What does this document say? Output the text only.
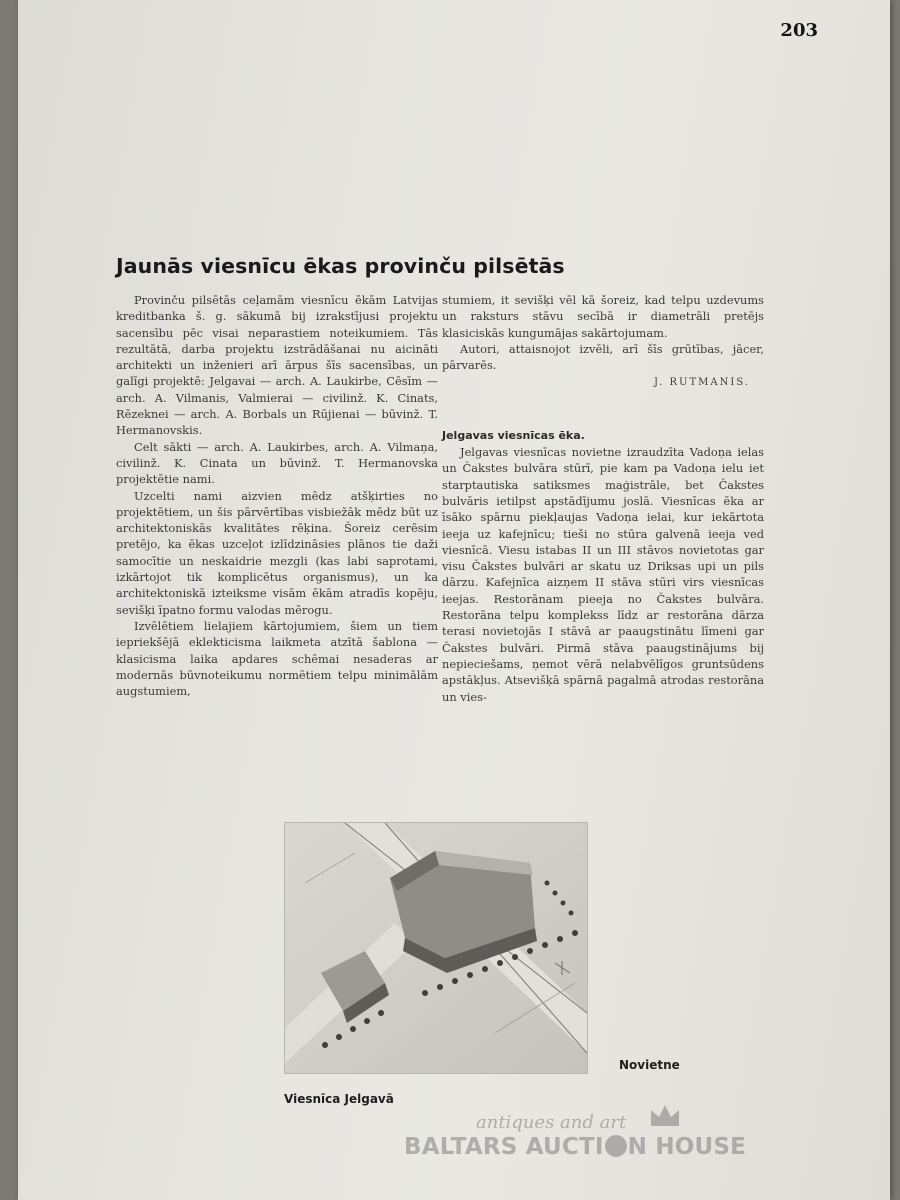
203
Jaunās viesnīcu ēkas provinču pilsētās

Provinču pilsētās ceļamām viesnīcu ēkām Latvijas kreditbanka š. g. sākumā bij izrakstījusi projektu sacensību pēc visai neparastiem noteikumiem. Tās rezultātā, darba projektu izstrādāšanai nu aicināti architekti un inženieri arī ārpus šīs sacensības, un galīgi projektē: Jelgavai — arch. A. Laukirbe, Cēsīm — arch. A. Vilmanis, Valmierai — civilinž. K. Cinats, Rēzeknei — arch. A. Borbals un Rūjienai — būvinž. T. Hermanovskis.

Celt sākti — arch. A. Laukirbes, arch. A. Vilmaņa, civilinž. K. Cinata un būvinž. T. Hermanovska projektētie nami.

Uzcelti nami aizvien mēdz atšķirties no projektētiem, un šis pārvērtības visbiežāk mēdz būt uz architektoniskās kvalitātes rēķina. Šoreiz cerēsim pretējo, ka ēkas uzceļot izlīdzināsies plānos tie daži samocītie un neskaidrie mezgli (kas labi saprotami, izkārtojot tik komplicētus organismus), un ka architektoniskā izteiksme visām ēkām atradīs kopēju, sevišķi īpatno formu valodas mērogu.

Izvēlētiem lielajiem kārtojumiem, šiem un tiem iepriekšējā eklekticisma laikmeta atzītā šablona — klasicisma laika apdares schēmai nesaderas ar modernās būvnoteikumu normētiem telpu minimālām augstumiem,

stumiem, it sevišķi vēl kā šoreiz, kad telpu uzdevums un raksturs stāvu secībā ir diametrāli pretējs klasiciskās kungumājas sakārtojumam.

Autori, attaisnojot izvēli, arī šīs grūtības, jācer, pārvarēs.

J. RUTMANIS.

Jelgavas viesnīcas ēka.

Jelgavas viesnīcas novietne izraudzīta Vadoņa ielas un Čakstes bulvāra stūrī, pie kam pa Vadoņa ielu iet starptautiska satiksmes maģistrāle, bet Čakstes bulvāris ietilpst apstādījumu joslā. Viesnīcas ēka ar īsāko spārnu piekļaujas Vadoņa ielai, kur iekārtota ieeja uz kafejnīcu; tieši no stūra galvenā ieeja ved viesnīcā. Viesu istabas II un III stāvos novietotas gar visu Čakstes bulvāri ar skatu uz Driksas upi un pils dārzu. Kafejnīca aizņem II stāva stūri virs viesnīcas ieejas. Restorānam pieeja no Čakstes bulvāra. Restorāna telpu komplekss līdz ar restorāna dārza terasi novietojās I stāvā ar paaugstinātu līmeni gar Čakstes bulvāri. Pirmā stāva paaugstinājums bij nepieciešams, ņemot vērā nelabvēlīgos gruntsūdens apstākļus. Atsevišķā spārnā pagalmā atrodas restorāna un vies-

Viesnīca Jelgavā
Novietne
antiques and art
BALTARS AUCTI N HOUSE
